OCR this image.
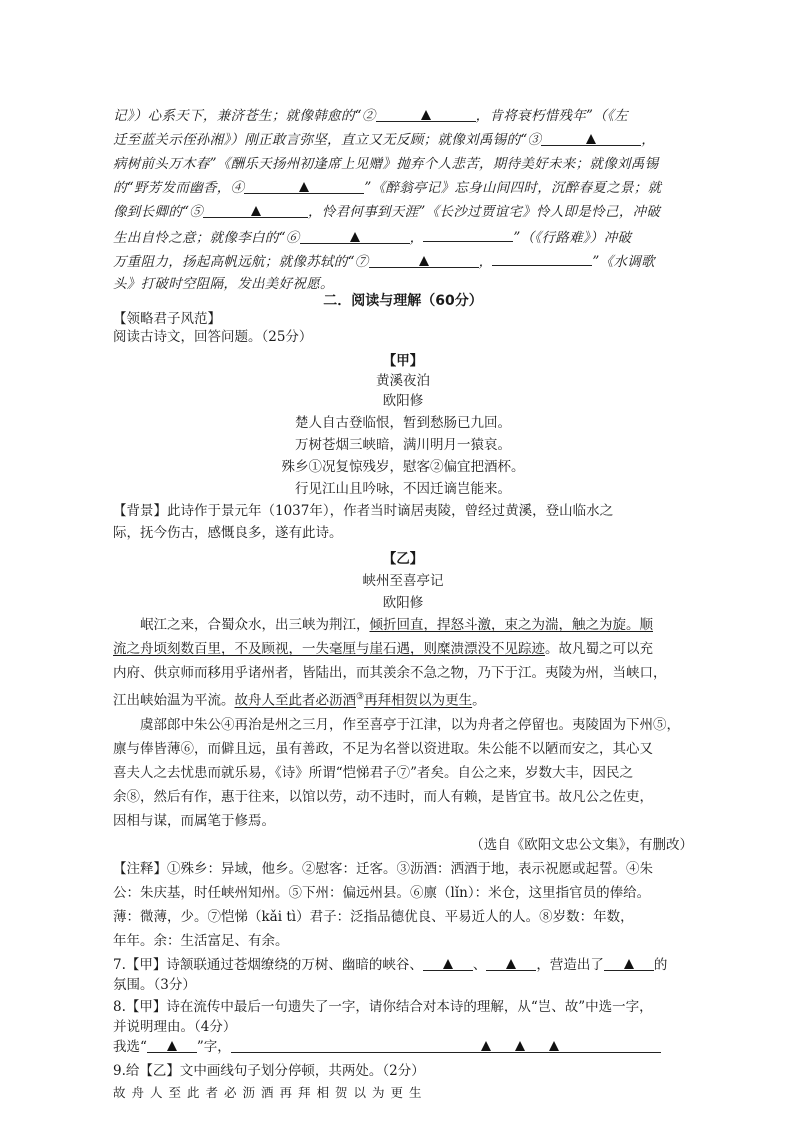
记》）心系天下，兼济苍生；就像韩愈的“②	，肯将衰朽惜残年”（《左
迁至蓝关示侄孙湘》）刚正敢言弥坚，直立又无反顾；就像刘禹锡的“③	，
病树前头万木春”《酬乐天扬州初逢席上见赠》抛弃个人悲苦，期待美好未来；就像刘禹锡
的“野芳发而幽香，④	”《醉翁亭记》忘身山间四时，沉醉春夏之景；就
像到长卿的“⑤	，怜君何事到天涯”《长沙过贾谊宅》怜人即是怜己，冲破
生出自怜之意；就像李白的“⑥	，	”（《行路难》）冲破
万重阻力，扬起高帆远航；就像苏轼的“⑦	，	”《水调歌
头》打破时空阻隔，发出美好祝愿。
二．阅读与理解（60分）
【领略君子风范】
阅读古诗文，回答问题。（25分）
【甲】
黄溪夜泊
欧阳修
楚人自古登临恨，暂到愁肠已九回。
万树苍烟三峡暗，满川明月一猿哀。
殊乡①况复惊残岁，慰客②偏宜把酒杯。
行见江山且吟咏，不因迁谪岂能来。
【背景】此诗作于景元年（1037年），作者当时谪居夷陵，曾经过黄溪，登山临水之
际，抚今伤古，感慨良多，遂有此诗。
【乙】
峡州至喜亭记
欧阳修
岷江之来，合蜀众水，出三峡为荆江，倾折回直，捍怒斗激，束之为湍，触之为旋。顺
流之舟顷刻数百里，不及顾视，一失毫厘与崖石遇，则糜溃漂没不见踪迹。故凡蜀之可以充
内府、供京师而移用乎诸州者，皆陆出，而其羡余不急之物，乃下于江。夷陵为州，当峡口，
江出峡始温为平流。故舟人至此者必沥酒③再拜相贺以为更生。
虞部郎中朱公④再治是州之三月，作至喜亭于江津，以为舟者之停留也。夷陵固为下州⑤，
廪与俸皆薄⑥，而僻且远，虽有善政，不足为名誉以资进取。朱公能不以陋而安之，其心又
喜夫人之去忧患而就乐易，《诗》所谓“恺悌君子⑦”者矣。自公之来，岁数大丰，因民之
余⑧，然后有作，惠于往来，以馆以劳，动不违时，而人有赖，是皆宜书。故凡公之佐吏，
因相与谋，而属笔于修焉。
（选自《欧阳文忠公文集》，有删改）
【注释】①殊乡：异域，他乡。②慰客：迁客。③沥酒：洒酒于地，表示祝愿或起誓。④朱
公：朱庆基，时任峡州知州。⑤下州：偏远州县。⑥廪（lǐn）：米仓，这里指官员的俸给。
薄：微薄，少。⑦恺悌（kǎi tì）君子：泛指品德优良、平易近人的人。⑧岁数：年数，
年年。余：生活富足、有余。
7.【甲】诗颔联通过苍烟缭绕的万树、幽暗的峡谷、	、	，营造出了	的
氛围。（3分）
8.【甲】诗在流传中最后一句遗失了一字，请你结合对本诗的理解，从“岂、故”中选一字，
并说明理由。（4分）
我选“	”字，
9.给【乙】文中画线句子划分停顿，共两处。（2分）
故舟人至此者必沥酒再拜相贺以为更生
